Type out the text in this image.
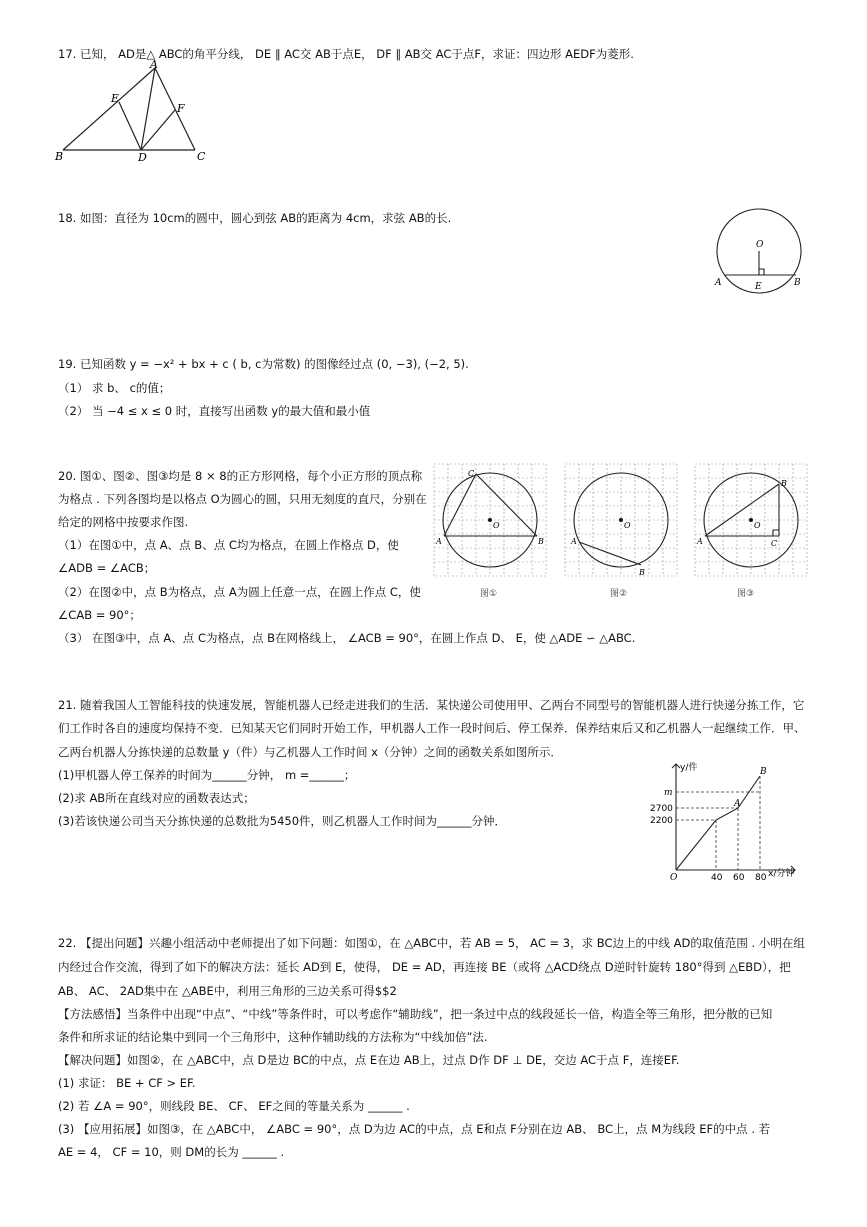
17. 已知， AD是△ ABC的角平分线， DE ∥ AC交 AB于点E， DF ∥ AB交 AC于点F，求证：四边形 AEDF为菱形.
A
B	C
D
E
F
18. 如图：直径为 10cm的圆中，圆心到弦 AB的距离为 4cm，求弦 AB的长.
O
A	B
E
19. 已知函数 y = −x² + bx + c ( b, c为常数) 的图像经过点 (0, −3), (−2, 5).
（1） 求 b、 c的值；
（2） 当 −4 ≤ x ≤ 0 时，直接写出函数 y的最大值和最小值
20. 图①、图②、图③均是 8 × 8的正方形网格，每个小正方形的顶点称
为格点 . 下列各图均是以格点 O为圆心的圆，只用无刻度的直尺，分别在
给定的网格中按要求作图.
（1）在图①中，点 A、点 B、点 C均为格点，在圆上作格点 D，使
∠ADB = ∠ACB；
（2）在图②中，点 B为格点，点 A为圆上任意一点，在圆上作点 C，使
∠CAB = 90°；
（3） 在图③中，点 A、点 C为格点，点 B在网格线上， ∠ACB = 90°，在圆上作点 D、 E，使 △ADE ∽ △ABC.
O
A	B
C
O
A
B
O
A
B
C
图①	图②	图③
21. 随着我国人工智能科技的快速发展，智能机器人已经走进我们的生活．某快递公司使用甲、乙两台不同型号的智能机器人进行快递分拣工作，它
们工作时各自的速度均保持不变．已知某天它们同时开始工作，甲机器人工作一段时间后、停工保养．保养结束后又和乙机器人一起继续工作．甲、
乙两台机器人分拣快递的总数量 y（件）与乙机器人工作时间 x（分钟）之间的函数关系如图所示．
(1)甲机器人停工保养的时间为______分钟， m =______；
(2)求 AB所在直线对应的函数表达式；
(3)若该快递公司当天分拣快递的总数批为5450件，则乙机器人工作时间为______分钟．
y/件
x/分钟
O
m
2700
2200
40 60 80
A
B
22. 【提出问题】兴趣小组活动中老师提出了如下问题：如图①，在 △ABC中，若 AB = 5， AC = 3，求 BC边上的中线 AD的取值范围 . 小明在组
内经过合作交流，得到了如下的解决方法：延长 AD到 E，使得， DE = AD，再连接 BE（或将 △ACD绕点 D逆时针旋转 180°得到 △EBD），把
AB、 AC、 2AD集中在 △ABE中，利用三角形的三边关系可得$$2
【方法感悟】当条件中出现“中点”、“中线”等条件时，可以考虑作“辅助线”，把一条过中点的线段延长一倍，构造全等三角形，把分散的已知
条件和所求证的结论集中到同一个三角形中，这种作辅助线的方法称为“中线加倍”法.
【解决问题】如图②，在 △ABC中，点 D是边 BC的中点，点 E在边 AB上，过点 D作 DF ⊥ DE，交边 AC于点 F，连接EF.
(1) 求证： BE + CF > EF.
(2) 若 ∠A = 90°，则线段 BE、 CF、 EF之间的等量关系为 ______ .
(3) 【应用拓展】如图③，在 △ABC中， ∠ABC = 90°，点 D为边 AC的中点，点 E和点 F分别在边 AB、 BC上，点 M为线段 EF的中点 . 若
AE = 4， CF = 10，则 DM的长为 ______ .
